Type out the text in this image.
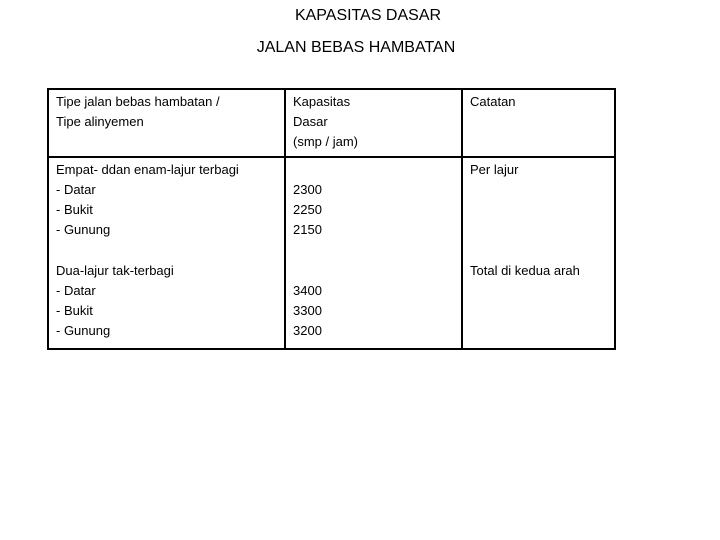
KAPASITAS DASAR
JALAN BEBAS HAMBATAN
Tipe jalan bebas hambatan /
Tipe alinyemen
Kapasitas
Dasar
(smp / jam)
Catatan
Empat- ddan enam-lajur terbagi
- Datar
- Bukit
- Gunung
2300
2250
2150
Per lajur
Dua-lajur tak-terbagi
- Datar
- Bukit
- Gunung
3400
3300
3200
Total di kedua arah
